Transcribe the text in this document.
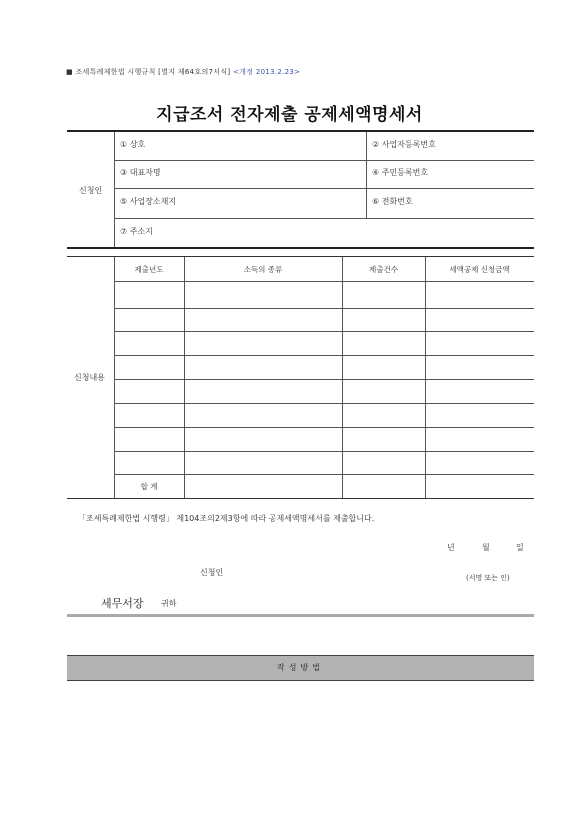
■ 조세특례제한법 시행규칙 [별지 제64호의7서식] <개정 2013.2.23>
지급조서 전자제출 공제세액명세서
신청인
① 상호	② 사업자등록번호
③ 대표자명	④ 주민등록번호
⑤ 사업장소재지	⑥ 전화번호
⑦ 주소지
신청내용
제출년도	소득의 종류	제출건수	세액공제 신청금액
합 계
「조세특례제한법 시행령」 제104조의2제3항에 따라 공제세액명세서를 제출합니다.
년	월	일
신청인
(서명 또는 인)
세무서장 귀하
작성방법
